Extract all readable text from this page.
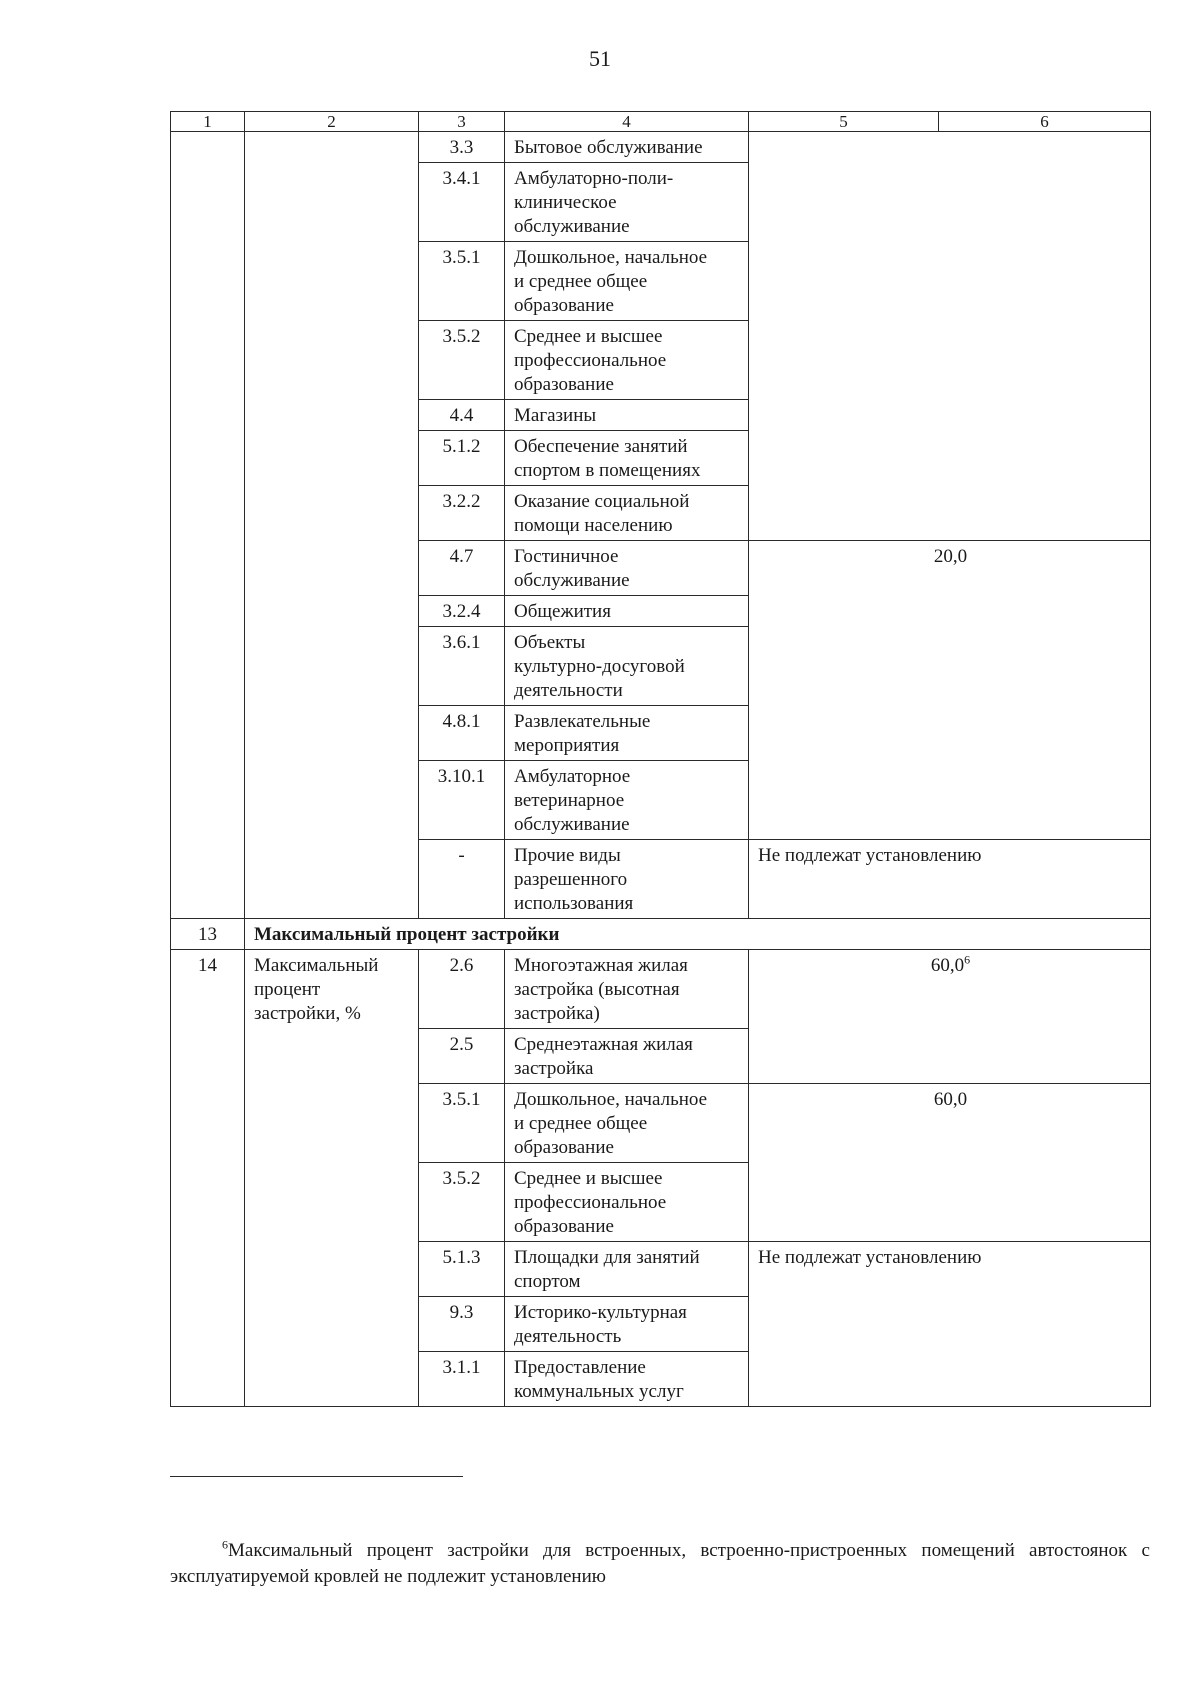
51
1	2	3	4	5	6
		3.3	Бытовое обслуживание		
		3.4.1	Амбулаторно-поли-
клиническое
обслуживание		
		3.5.1	Дошкольное, начальное
и среднее общее
образование		
		3.5.2	Среднее и высшее
профессиональное
образование		
		4.4	Магазины		
		5.1.2	Обеспечение занятий
спортом в помещениях		
		3.2.2	Оказание социальной
помощи населению		
		4.7	Гостиничное
обслуживание	20,0	
		3.2.4	Общежития		
		3.6.1	Объекты
культурно-досуговой
деятельности		
		4.8.1	Развлекательные
мероприятия		
		3.10.1	Амбулаторное
ветеринарное
обслуживание		
		-	Прочие виды
разрешенного
использования	Не подлежат установлению	
13	Максимальный процент застройки				
14	Максимальный
процент
застройки, %	2.6	Многоэтажная жилая
застройка (высотная
застройка)	60,0$^6$
		2.5	Среднеэтажная жилая
застройка		
		3.5.1	Дошкольное, начальное
и среднее общее
образование	60,0	
		3.5.2	Среднее и высшее
профессиональное
образование		
		5.1.3	Площадки для занятий
спортом	Не подлежат установлению	
		9.3	Историко-культурная
деятельность		
		3.1.1	Предоставление
коммунальных услуг		
$^6$Максимальный процент застройки для встроенных, встроенно-пристроенных помещений автостоянок с эксплуатируемой кровлей не подлежит установлению
